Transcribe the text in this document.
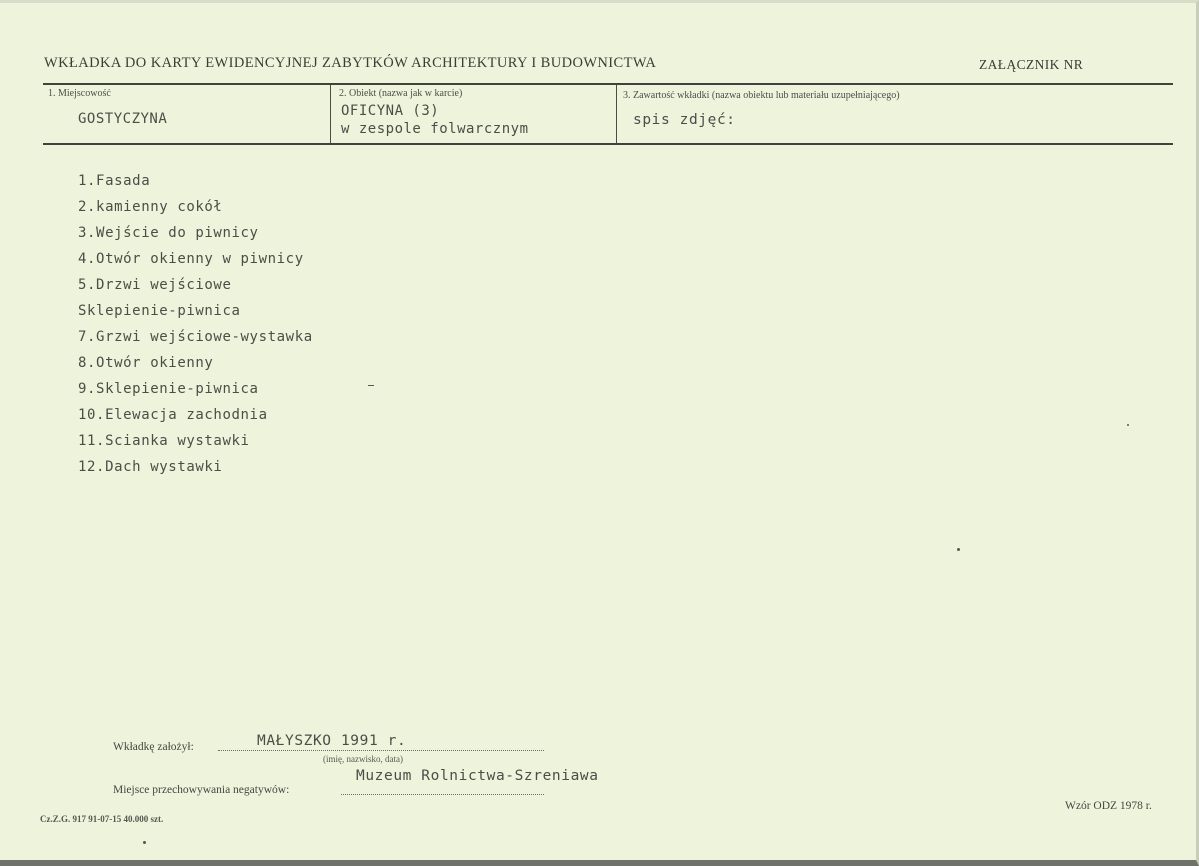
WKŁADKA DO KARTY EWIDENCYJNEJ ZABYTKÓW ARCHITEKTURY I BUDOWNICTWA	ZAŁĄCZNIK NR
1. Miejscowość
GOSTYCZYNA
2. Obiekt (nazwa jak w karcie)
OFICYNA (3)
w zespole folwarcznym
3. Zawartość wkładki (nazwa obiektu lub materiału uzupełniającego)
spis zdjęć:
1.Fasada
2.kamienny cokół
3.Wejście do piwnicy
4.Otwór okienny w piwnicy
5.Drzwi wejściowe
Sklepienie-piwnica
7.Grzwi wejściowe-wystawka
8.Otwór okienny
9.Sklepienie-piwnica
10.Elewacja zachodnia
11.Scianka wystawki
12.Dach wystawki
Wkładkę założył:	MAŁYSZKO 1991 r.
(imię, nazwisko, data)
Miejsce przechowywania negatywów:
Muzeum Rolnictwa-Szreniawa
Cz.Z.G. 917 91-07-15 40.000 szt.
Wzór ODZ 1978 r.
